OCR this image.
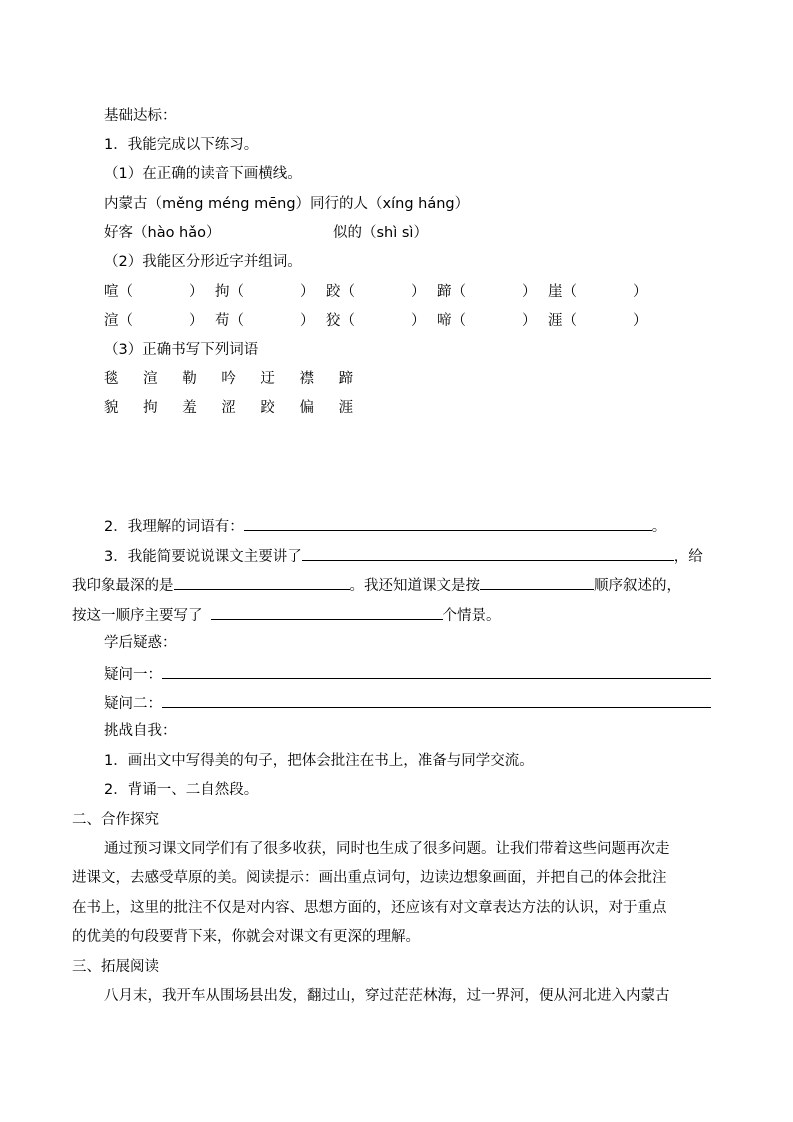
基础达标：
1．我能完成以下练习。
（1）在正确的读音下画横线。
内蒙古（měng méng mēng）同行的人（xíng háng）
好客（hào hǎo）	似的（shì sì）
（2）我能区分形近字并组词。
喧（	） 拘（	） 跤（	） 蹄（	） 崖（	）
渲（	） 苟（	） 狡（	） 啼（	） 涯（	）
（3）正确书写下列词语
毯 渲 勒 吟 迂 襟 蹄
貌 拘 羞 涩 跤 偏 涯
2．我理解的词语有：	。
3．我能简要说说课文主要讲了	，给
我印象最深的是	。我还知道课文是按	顺序叙述的，
按这一顺序主要写了	个情景。
学后疑惑：
疑问一：
疑问二：
挑战自我：
1．画出文中写得美的句子，把体会批注在书上，准备与同学交流。
2．背诵一、二自然段。
二、合作探究
通过预习课文同学们有了很多收获，同时也生成了很多问题。让我们带着这些问题再次走
进课文，去感受草原的美。阅读提示：画出重点词句，边读边想象画面，并把自己的体会批注
在书上，这里的批注不仅是对内容、思想方面的，还应该有对文章表达方法的认识，对于重点
的优美的句段要背下来，你就会对课文有更深的理解。
三、拓展阅读
八月末，我开车从围场县出发，翻过山，穿过茫茫林海，过一界河，便从河北进入内蒙古
